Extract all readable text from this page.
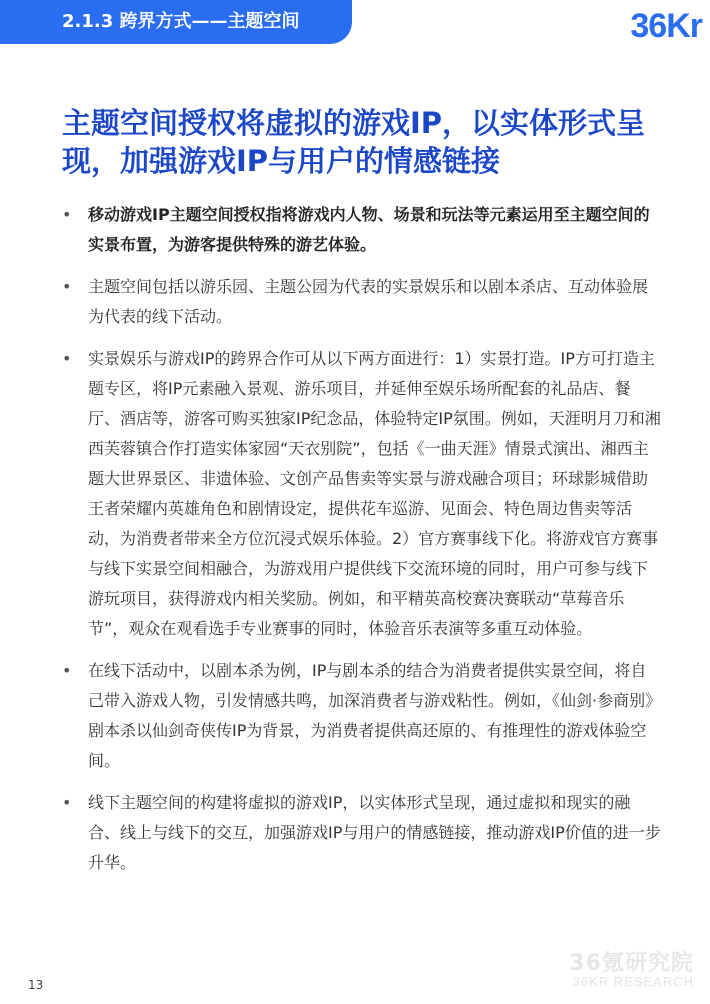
2.1.3 跨界方式——主题空间	36Kr
主题空间授权将虚拟的游戏IP，以实体形式呈现，加强游戏IP与用户的情感链接
• 移动游戏IP主题空间授权指将游戏内人物、场景和玩法等元素运用至主题空间的实景布置，为游客提供特殊的游艺体验。
• 主题空间包括以游乐园、主题公园为代表的实景娱乐和以剧本杀店、互动体验展为代表的线下活动。
• 实景娱乐与游戏IP的跨界合作可从以下两方面进行：1）实景打造。IP方可打造主题专区，将IP元素融入景观、游乐项目，并延伸至娱乐场所配套的礼品店、餐厅、酒店等，游客可购买独家IP纪念品，体验特定IP氛围。例如，天涯明月刀和湘西芙蓉镇合作打造实体家园“天衣别院”，包括《一曲天涯》情景式演出、湘西主题大世界景区、非遗体验、文创产品售卖等实景与游戏融合项目；环球影城借助王者荣耀内英雄角色和剧情设定，提供花车巡游、见面会、特色周边售卖等活动，为消费者带来全方位沉浸式娱乐体验。2）官方赛事线下化。将游戏官方赛事与线下实景空间相融合，为游戏用户提供线下交流环境的同时，用户可参与线下游玩项目，获得游戏内相关奖励。例如，和平精英高校赛决赛联动“草莓音乐节”，观众在观看选手专业赛事的同时，体验音乐表演等多重互动体验。
• 在线下活动中，以剧本杀为例，IP与剧本杀的结合为消费者提供实景空间，将自己带入游戏人物，引发情感共鸣，加深消费者与游戏粘性。例如，《仙剑·参商别》剧本杀以仙剑奇侠传IP为背景，为消费者提供高还原的、有推理性的游戏体验空间。
• 线下主题空间的构建将虚拟的游戏IP，以实体形式呈现，通过虚拟和现实的融合、线上与线下的交互，加强游戏IP与用户的情感链接，推动游戏IP价值的进一步升华。
36氪研究院
36KR RESEARCH
13
